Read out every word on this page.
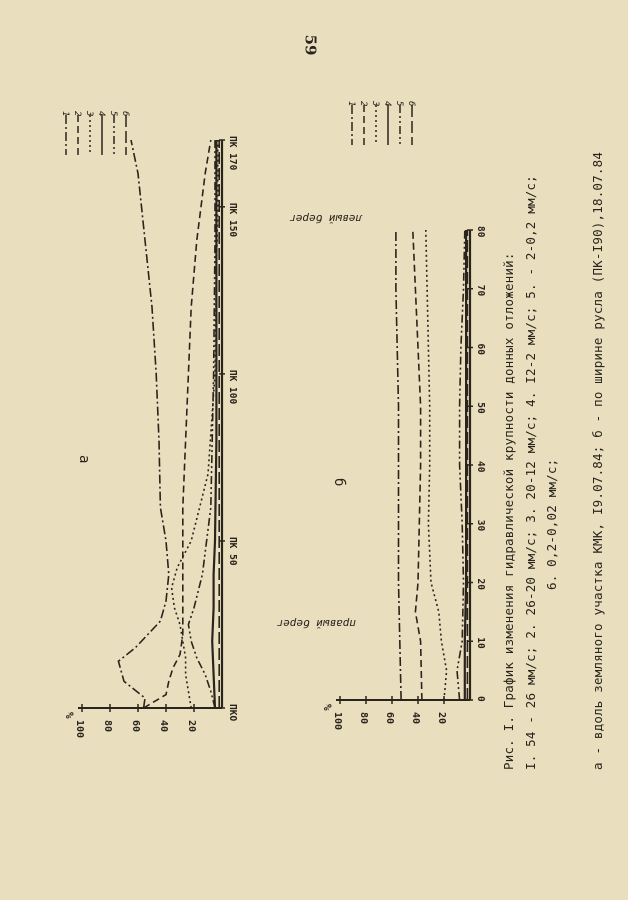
59
20
40
60
80
100
%	ПКО
ПК 50
ПК 100
ПК 150
ПК 170
1 2 3 4 5 6
20
40
60
80
100
%
0
10
20
30
40
50
60
70
80
1 2 3 4 5 6
правый берег
левый берег
а
б	Рис. I. График изменения гидравлической крупности донных отложений: I. 54 - 26 мм/с; 2. 26-20 мм/с; 3. 20-12 мм/с; 4. I2-2 мм/с; 5. - 2-0,2 мм/с; 6. 0,2-0,02 мм/с; а - вдоль земляного участка КМК, I9.07.84; б - по ширине русла (ПК-I90),18.07.84
